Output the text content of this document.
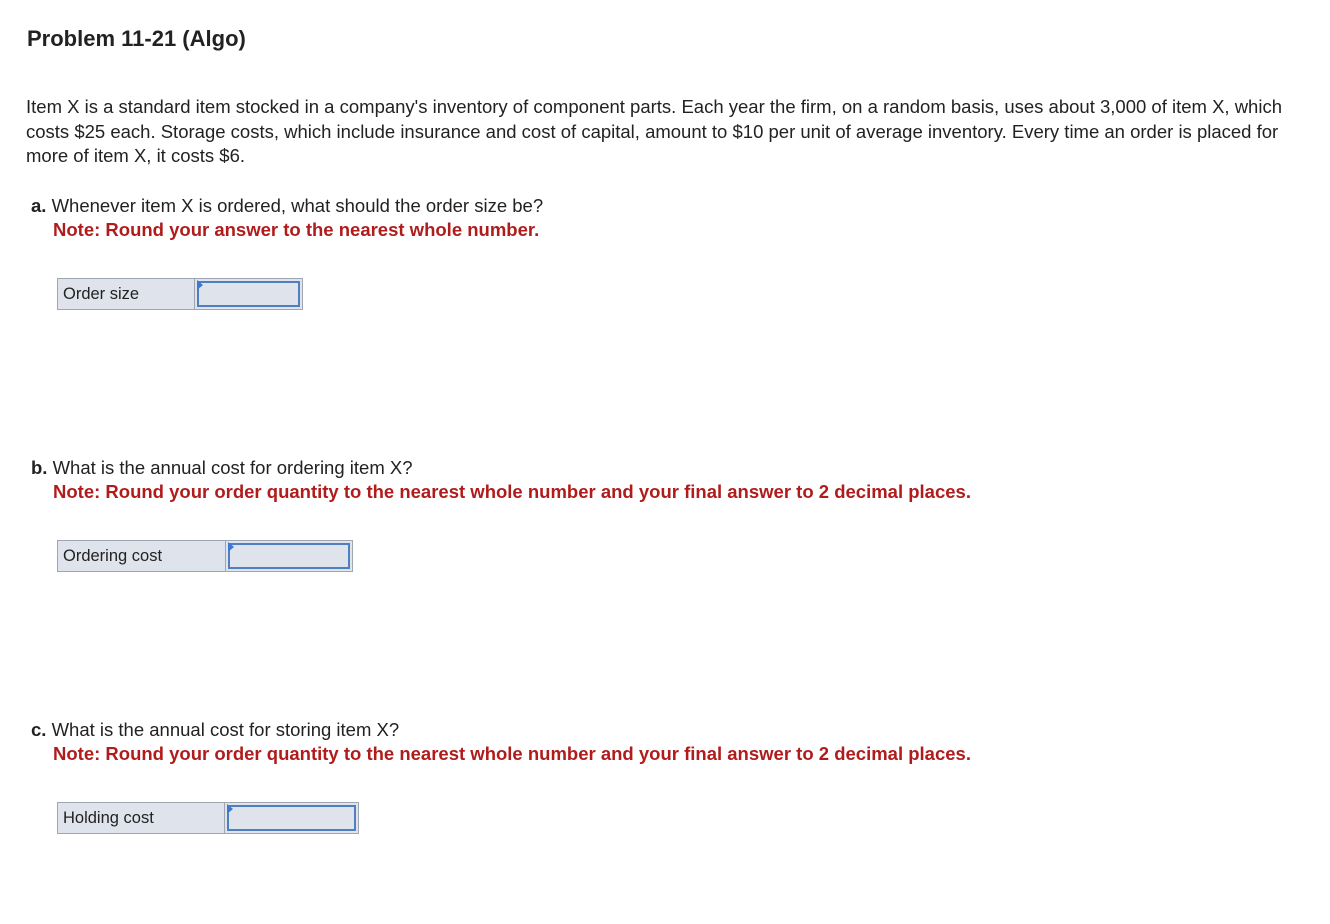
Problem 11-21 (Algo)

Item X is a standard item stocked in a company's inventory of component parts. Each year the firm, on a random basis, uses about 3,000 of item X, which costs $25 each. Storage costs, which include insurance and cost of capital, amount to $10 per unit of average inventory. Every time an order is placed for more of item X, it costs $6.

a. Whenever item X is ordered, what should the order size be?

Note: Round your answer to the nearest whole number.

Order size

b. What is the annual cost for ordering item X?

Note: Round your order quantity to the nearest whole number and your final answer to 2 decimal places.

Ordering cost

c. What is the annual cost for storing item X?

Note: Round your order quantity to the nearest whole number and your final answer to 2 decimal places.

Holding cost
